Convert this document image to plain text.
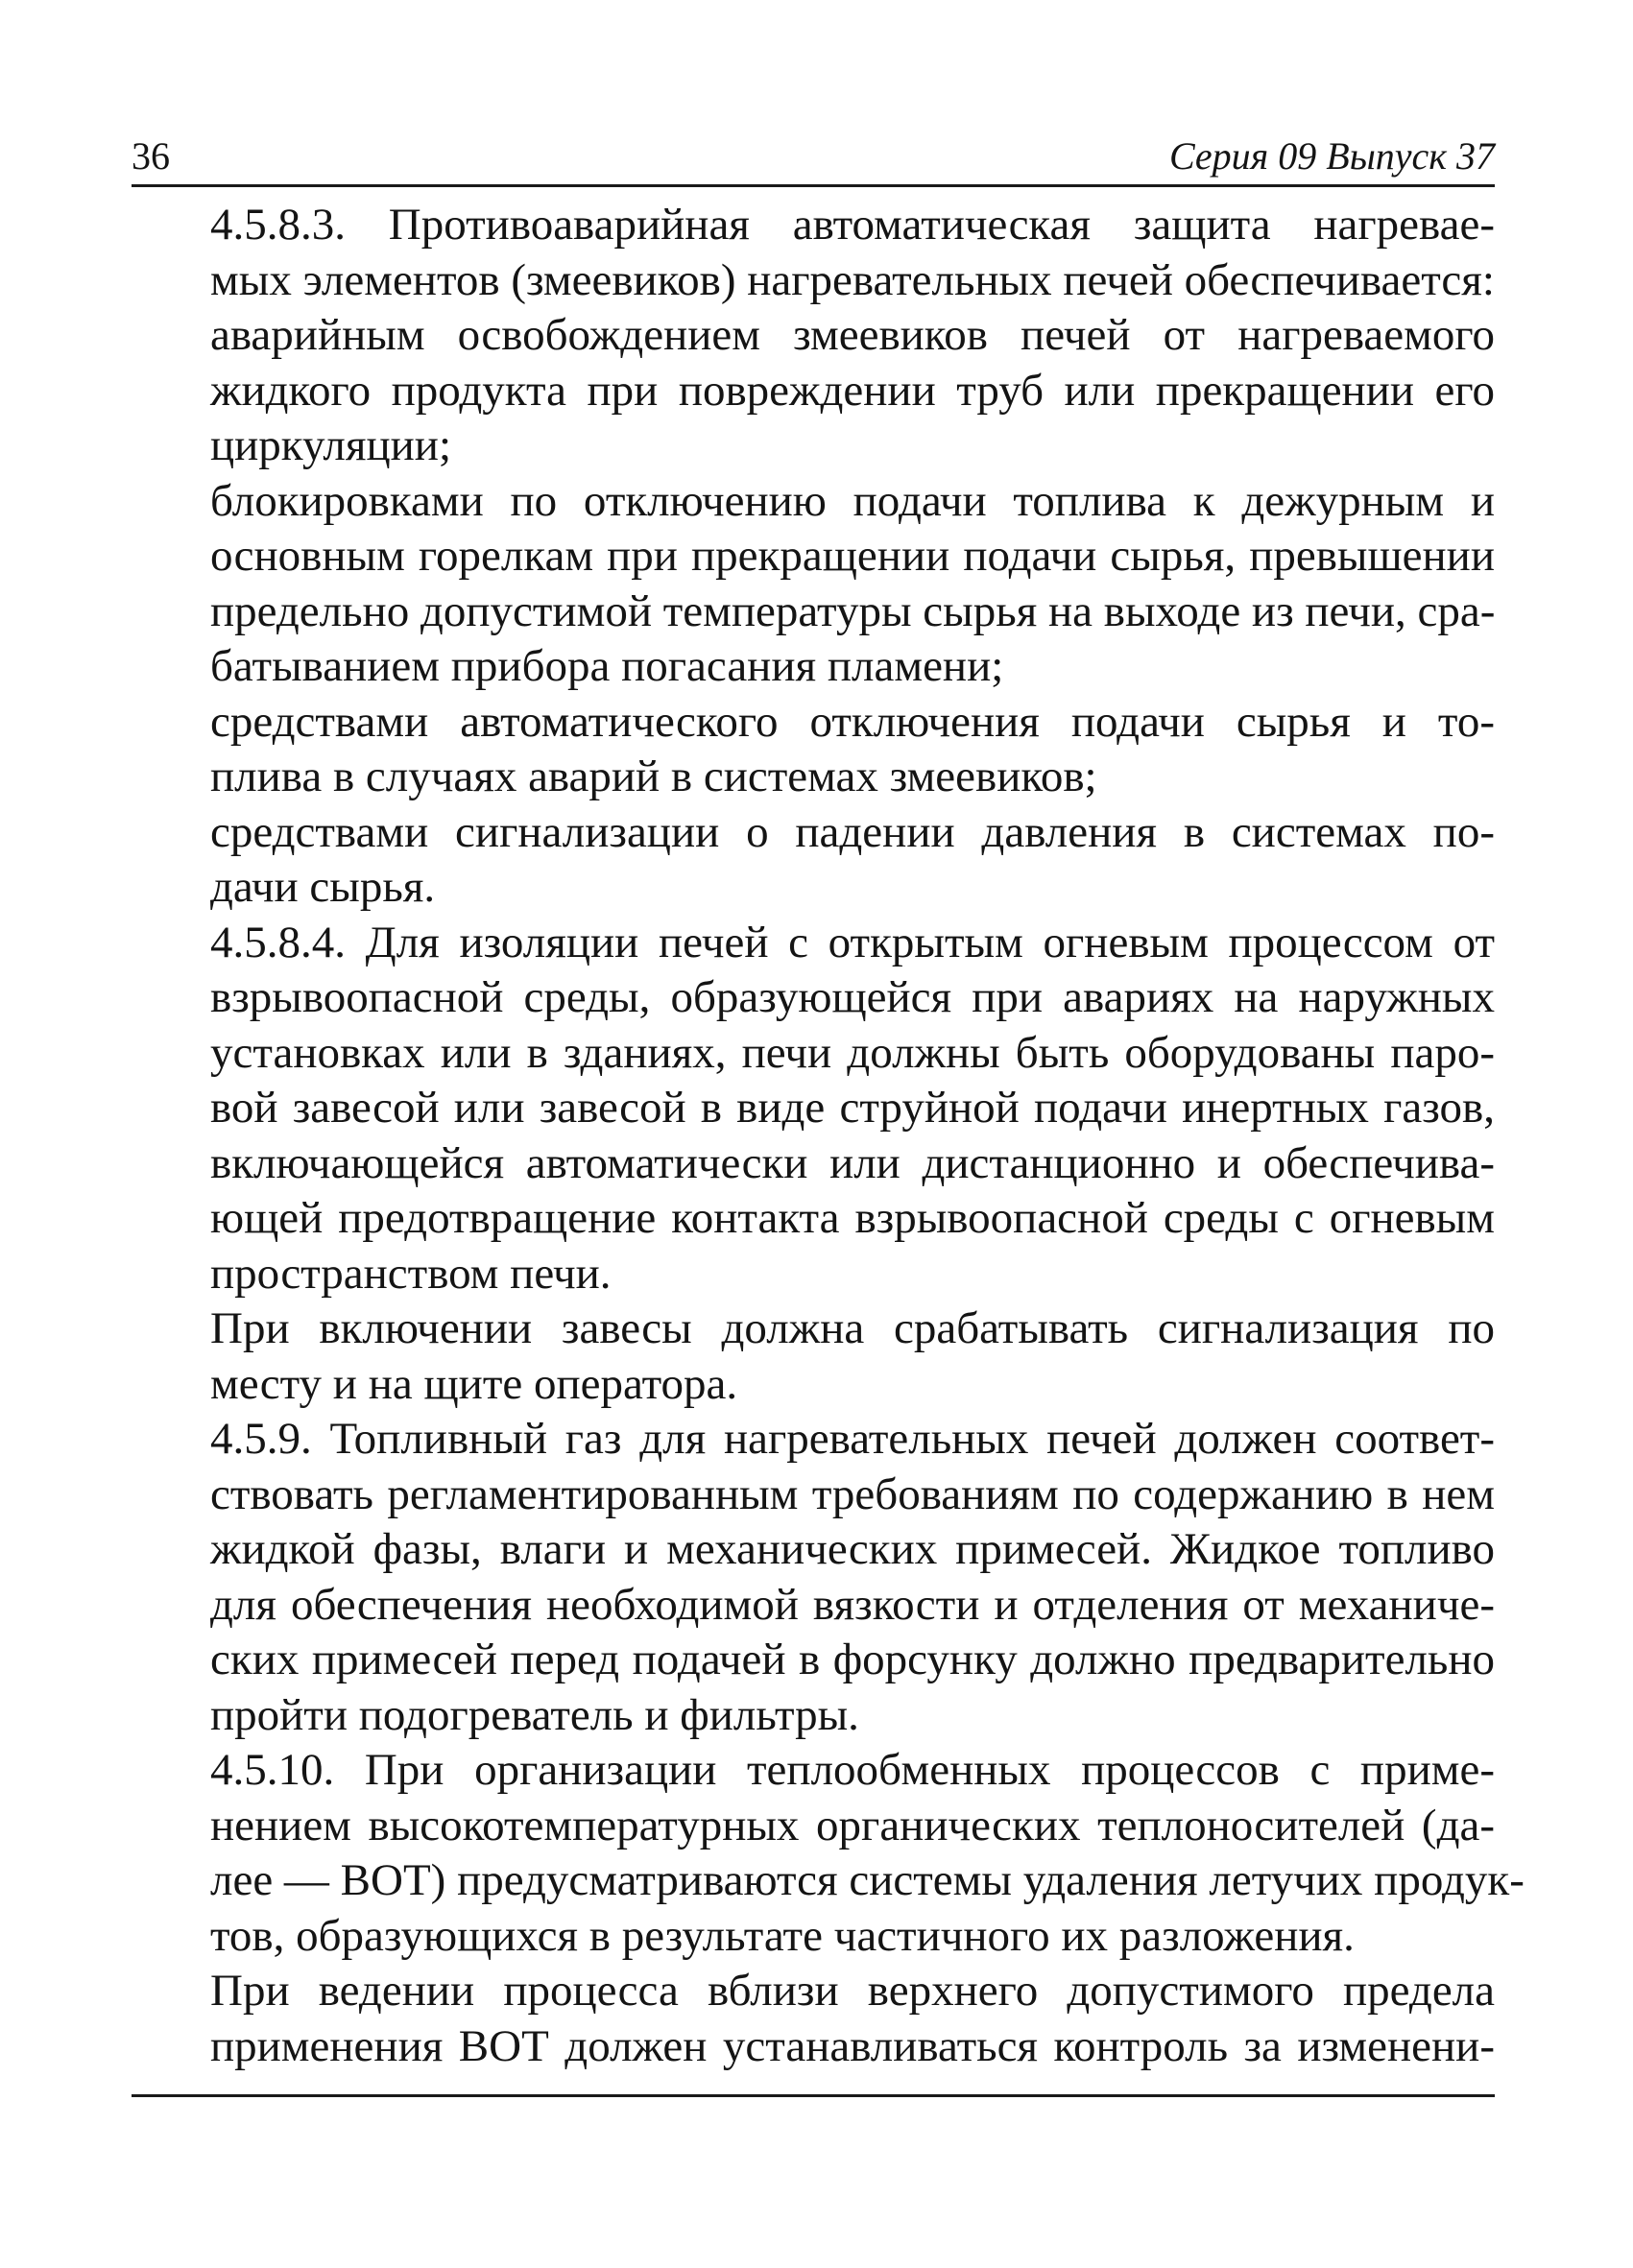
36	Серия 09 Выпуск 37

4.5.8.3. Противоаварийная автоматическая защита нагревае-
мых элементов (змеевиков) нагревательных печей обеспечивается:

аварийным освобождением змеевиков печей от нагреваемого
жидкого продукта при повреждении труб или прекращении его
циркуляции;

блокировками по отключению подачи топлива к дежурным и
основным горелкам при прекращении подачи сырья, превышении
предельно допустимой температуры сырья на выходе из печи, сра-
батыванием прибора погасания пламени;

средствами автоматического отключения подачи сырья и то-
плива в случаях аварий в системах змеевиков;

средствами сигнализации о падении давления в системах по-
дачи сырья.

4.5.8.4. Для изоляции печей с открытым огневым процессом от
взрывоопасной среды, образующейся при авариях на наружных
установках или в зданиях, печи должны быть оборудованы паро-
вой завесой или завесой в виде струйной подачи инертных газов,
включающейся автоматически или дистанционно и обеспечива-
ющей предотвращение контакта взрывоопасной среды с огневым
пространством печи.

При включении завесы должна срабатывать сигнализация по
месту и на щите оператора.

4.5.9. Топливный газ для нагревательных печей должен соответ-
ствовать регламентированным требованиям по содержанию в нем
жидкой фазы, влаги и механических примесей. Жидкое топливо
для обеспечения необходимой вязкости и отделения от механиче-
ских примесей перед подачей в форсунку должно предварительно
пройти подогреватель и фильтры.

4.5.10. При организации теплообменных процессов с приме-
нением высокотемпературных органических теплоносителей (да-
лее — ВОТ) предусматриваются системы удаления летучих продук-
тов, образующихся в результате частичного их разложения.

При ведении процесса вблизи верхнего допустимого предела
применения ВОТ должен устанавливаться контроль за изменени-
